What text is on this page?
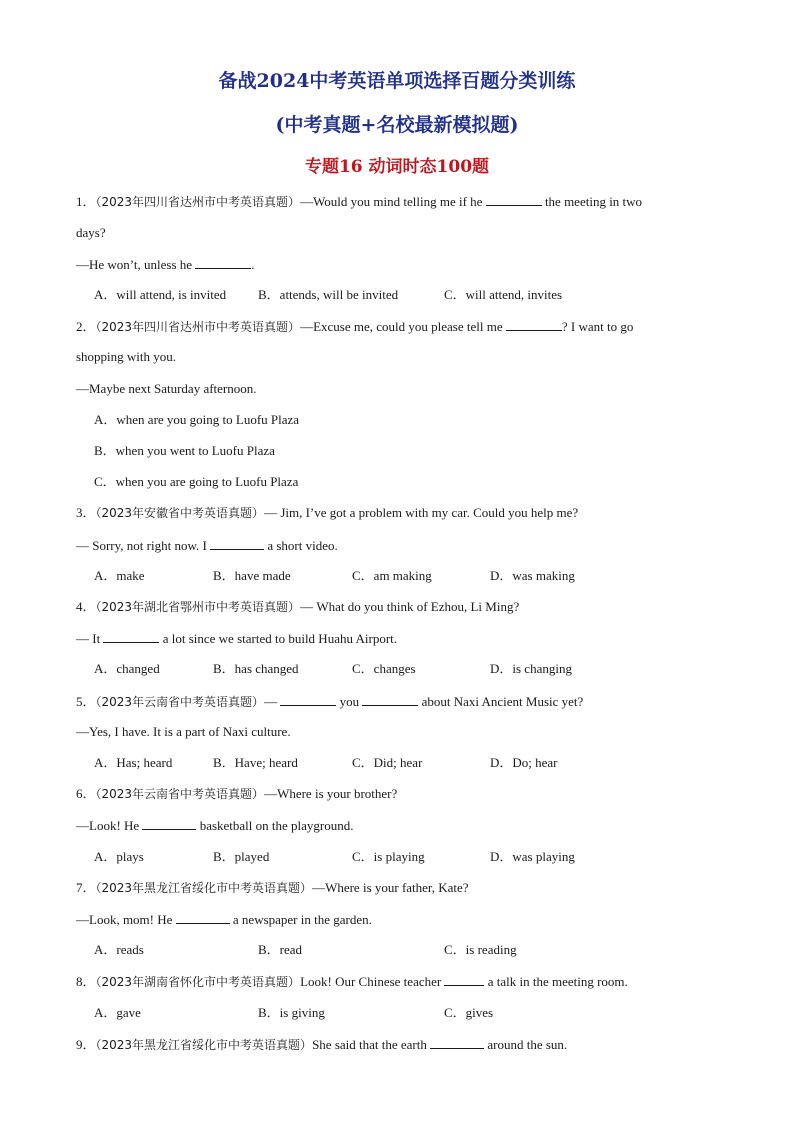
备战2024中考英语单项选择百题分类训练
(中考真题+名校最新模拟题)
专题16 动词时态100题
1．（2023年四川省达州市中考英语真题）—Would you mind telling me if he	the meeting in two
days?
—He won’t, unless he	.
A．will attend, is invited B．attends, will be invited	C．will attend, invites
2．（2023年四川省达州市中考英语真题）—Excuse me, could you please tell me	? I want to go
shopping with you.
—Maybe next Saturday afternoon.
A．when are you going to Luofu Plaza
B．when you went to Luofu Plaza
C．when you are going to Luofu Plaza
3．（2023年安徽省中考英语真题）— Jim, I’ve got a problem with my car. Could you help me?
— Sorry, not right now. I	a short video.
A．make	B．have made	C．am making	D．was making
4．（2023年湖北省鄂州市中考英语真题）— What do you think of Ezhou, Li Ming?
— It	a lot since we started to build Huahu Airport.
A．changed	B．has changed	C．changes	D．is changing
5．（2023年云南省中考英语真题）—	you	about Naxi Ancient Music yet?
—Yes, I have. It is a part of Naxi culture.
A．Has; heard	B．Have; heard	C．Did; hear	D．Do; hear
6．（2023年云南省中考英语真题）—Where is your brother?
—Look! He	basketball on the playground.
A．plays	B．played	C．is playing	D．was playing
7．（2023年黑龙江省绥化市中考英语真题）—Where is your father, Kate?
—Look, mom! He	a newspaper in the garden.
A．reads	B．read	C．is reading
8．（2023年湖南省怀化市中考英语真题）Look! Our Chinese teacher	a talk in the meeting room.
A．gave	B．is giving	C．gives
9．（2023年黑龙江省绥化市中考英语真题）She said that the earth	around the sun.
